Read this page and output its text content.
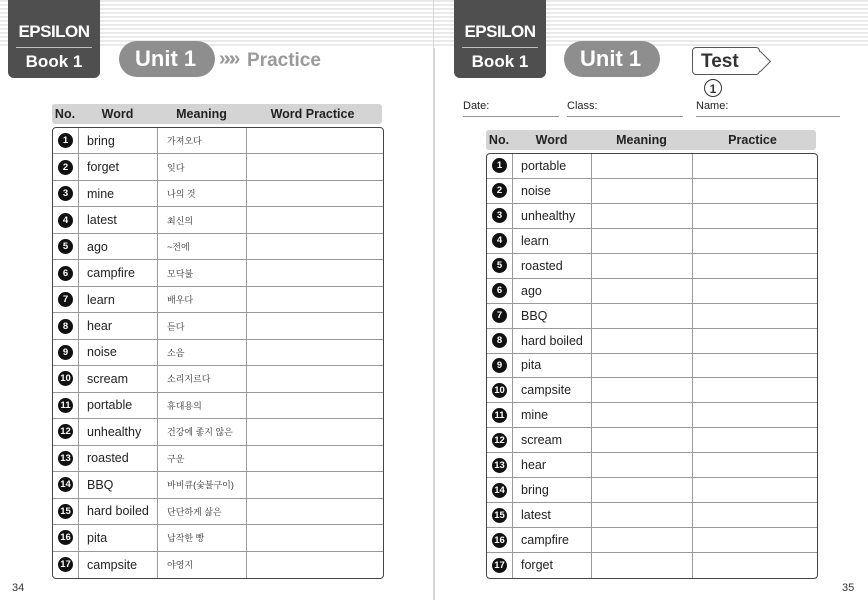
EPSILON
Book 1	Unit 1	»»» Practice
No.	Word	Meaning	Word Practice
1	bring	가져오다
2	forget	잊다
3	mine	나의 것
4	latest	최신의
5	ago	~전에
6	campfire	모닥불
7	learn	배우다
8	hear	듣다
9	noise	소음
10	scream	소리지르다
11	portable	휴대용의
12	unhealthy	건강에 좋지 않은
13	roasted	구운
14	BBQ	바비큐(숯불구이)
15	hard boiled	단단하게 삶은
16	pita	납작한 빵
17	campsite	야영지
34
EPSILON
Book 1	Unit 1	Test1
Date:	Class:	Name:
No.	Word	Meaning	Practice
1	portable
2	noise
3	unhealthy
4	learn
5	roasted
6	ago
7	BBQ
8	hard boiled
9	pita
10	campsite
11	mine
12	scream
13	hear
14	bring
15	latest
16	campfire
17	forget
35
